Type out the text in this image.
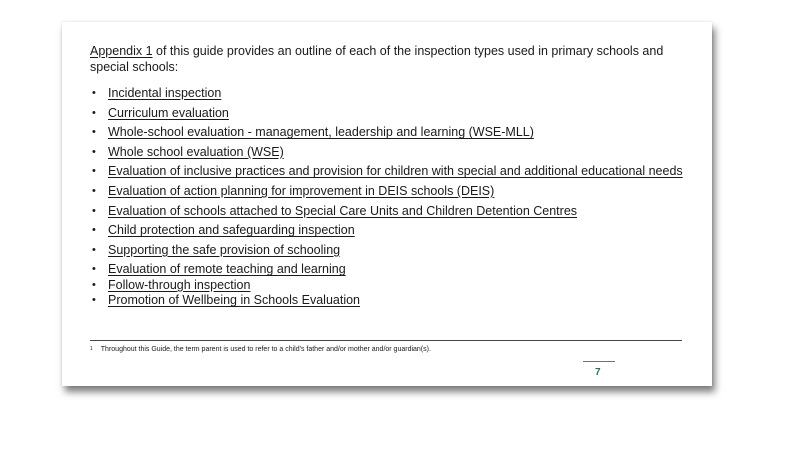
Appendix 1 of this guide provides an outline of each of the inspection types used in primary schools and special schools:

• Incidental inspection
• Curriculum evaluation
• Whole-school evaluation - management, leadership and learning (WSE-MLL)
• Whole school evaluation (WSE)
• Evaluation of inclusive practices and provision for children with special and additional educational needs
• Evaluation of action planning for improvement in DEIS schools (DEIS)
• Evaluation of schools attached to Special Care Units and Children Detention Centres
• Child protection and safeguarding inspection
• Supporting the safe provision of schooling
• Evaluation of remote teaching and learning
• Follow-through inspection
• Promotion of Wellbeing in Schools Evaluation

$^1$ Throughout this Guide, the term parent is used to refer to a child's father and/or mother and/or guardian(s).

7
